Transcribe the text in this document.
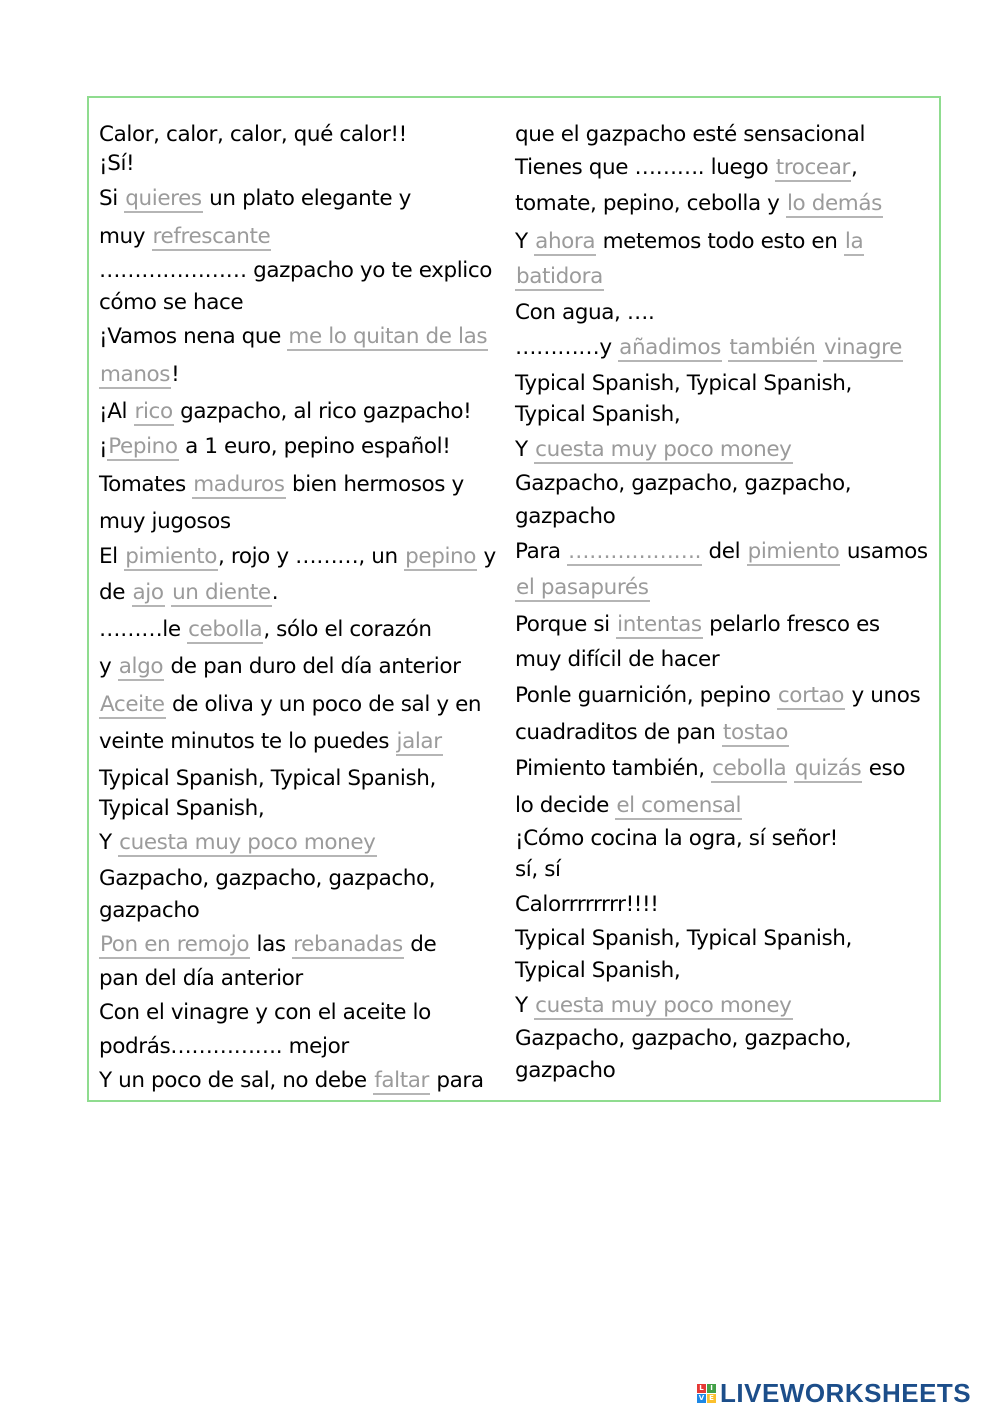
Calor, calor, calor, qué calor!!
¡Sí!
Si quieres un plato elegante y
muy refrescante
………………… gazpacho yo te explico
cómo se hace
¡Vamos nena que me lo quitan de las
manos!
¡Al rico gazpacho, al rico gazpacho!
¡Pepino a 1 euro, pepino español!
Tomates maduros bien hermosos y
muy jugosos
El pimiento, rojo y ………, un pepino y
de ajo un diente.
………le cebolla, sólo el corazón
y algo de pan duro del día anterior
Aceite de oliva y un poco de sal y en
veinte minutos te lo puedes jalar
Typical Spanish, Typical Spanish,
Typical Spanish,
Y cuesta muy poco money
Gazpacho, gazpacho, gazpacho,
gazpacho
Pon en remojo las rebanadas de
pan del día anterior
Con el vinagre y con el aceite lo
podrás……………. mejor
Y un poco de sal, no debe faltar para
que el gazpacho esté sensacional
Tienes que ………. luego trocear,
tomate, pepino, cebolla y lo demás
Y ahora metemos todo esto en la
batidora
Con agua, ….
…………y añadimos también vinagre
Typical Spanish, Typical Spanish,
Typical Spanish,
Y cuesta muy poco money
Gazpacho, gazpacho, gazpacho,
gazpacho
Para ………………. del pimiento usamos
el pasapurés
Porque si intentas pelarlo fresco es
muy difícil de hacer
Ponle guarnición, pepino cortao y unos
cuadraditos de pan tostao
Pimiento también, cebolla quizás eso
lo decide el comensal
¡Cómo cocina la ogra, sí señor!
sí, sí
Calorrrrrrrr!!!!
Typical Spanish, Typical Spanish,
Typical Spanish,
Y cuesta muy poco money
Gazpacho, gazpacho, gazpacho,
gazpacho
L I
V E LIVEWORKSHEETS
